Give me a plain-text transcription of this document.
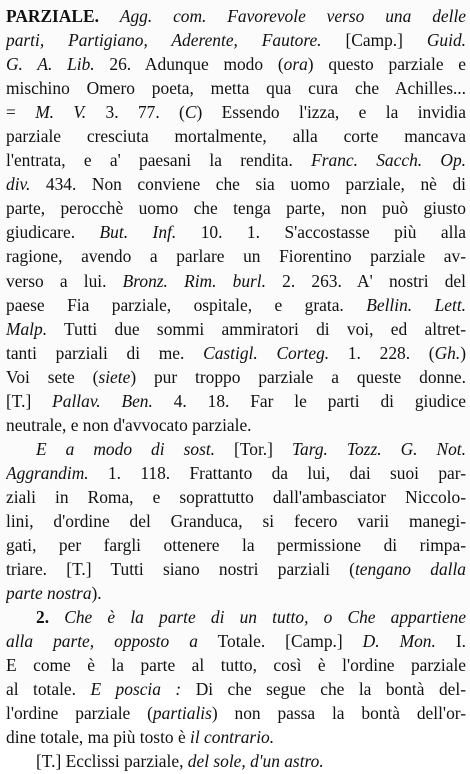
PARZIALE. Agg. com. Favorevole verso una delle
parti, Partigiano, Aderente, Fautore. [Camp.] Guid.
G. A. Lib. 26. Adunque modo (ora) questo parziale e
mischino Omero poeta, metta qua cura che Achilles...
= M. V. 3. 77. (C) Essendo l'izza, e la invidia
parziale cresciuta mortalmente, alla corte mancava
l'entrata, e a' paesani la rendita. Franc. Sacch. Op.
div. 434. Non conviene che sia uomo parziale, nè di
parte, perocchè uomo che tenga parte, non può giusto
giudicare. But. Inf. 10. 1. S'accostasse più alla
ragione, avendo a parlare un Fiorentino parziale av-
verso a lui. Bronz. Rim. burl. 2. 263. A' nostri del
paese Fia parziale, ospitale, e grata. Bellin. Lett.
Malp. Tutti due sommi ammiratori di voi, ed altret-
tanti parziali di me. Castigl. Corteg. 1. 228. (Gh.)
Voi sete (siete) pur troppo parziale a queste donne.
[T.] Pallav. Ben. 4. 18. Far le parti di giudice
neutrale, e non d'avvocato parziale.
E a modo di sost. [Tor.] Targ. Tozz. G. Not.
Aggrandim. 1. 118. Frattanto da lui, dai suoi par-
ziali in Roma, e soprattutto dall'ambasciator Niccolo-
lini, d'ordine del Granduca, si fecero varii manegi-
gati, per fargli ottenere la permissione di rimpa-
triare. [T.] Tutti siano nostri parziali (tengano dalla
parte nostra).
2. Che è la parte di un tutto, o Che appartiene
alla parte, opposto a Totale. [Camp.] D. Mon. I.
E come è la parte al tutto, così è l'ordine parziale
al totale. E poscia : Di che segue che la bontà del-
l'ordine parziale (partialis) non passa la bontà dell'or-
dine totale, ma più tosto è il contrario.
[T.] Ecclissi parziale, del sole, d'un astro.
